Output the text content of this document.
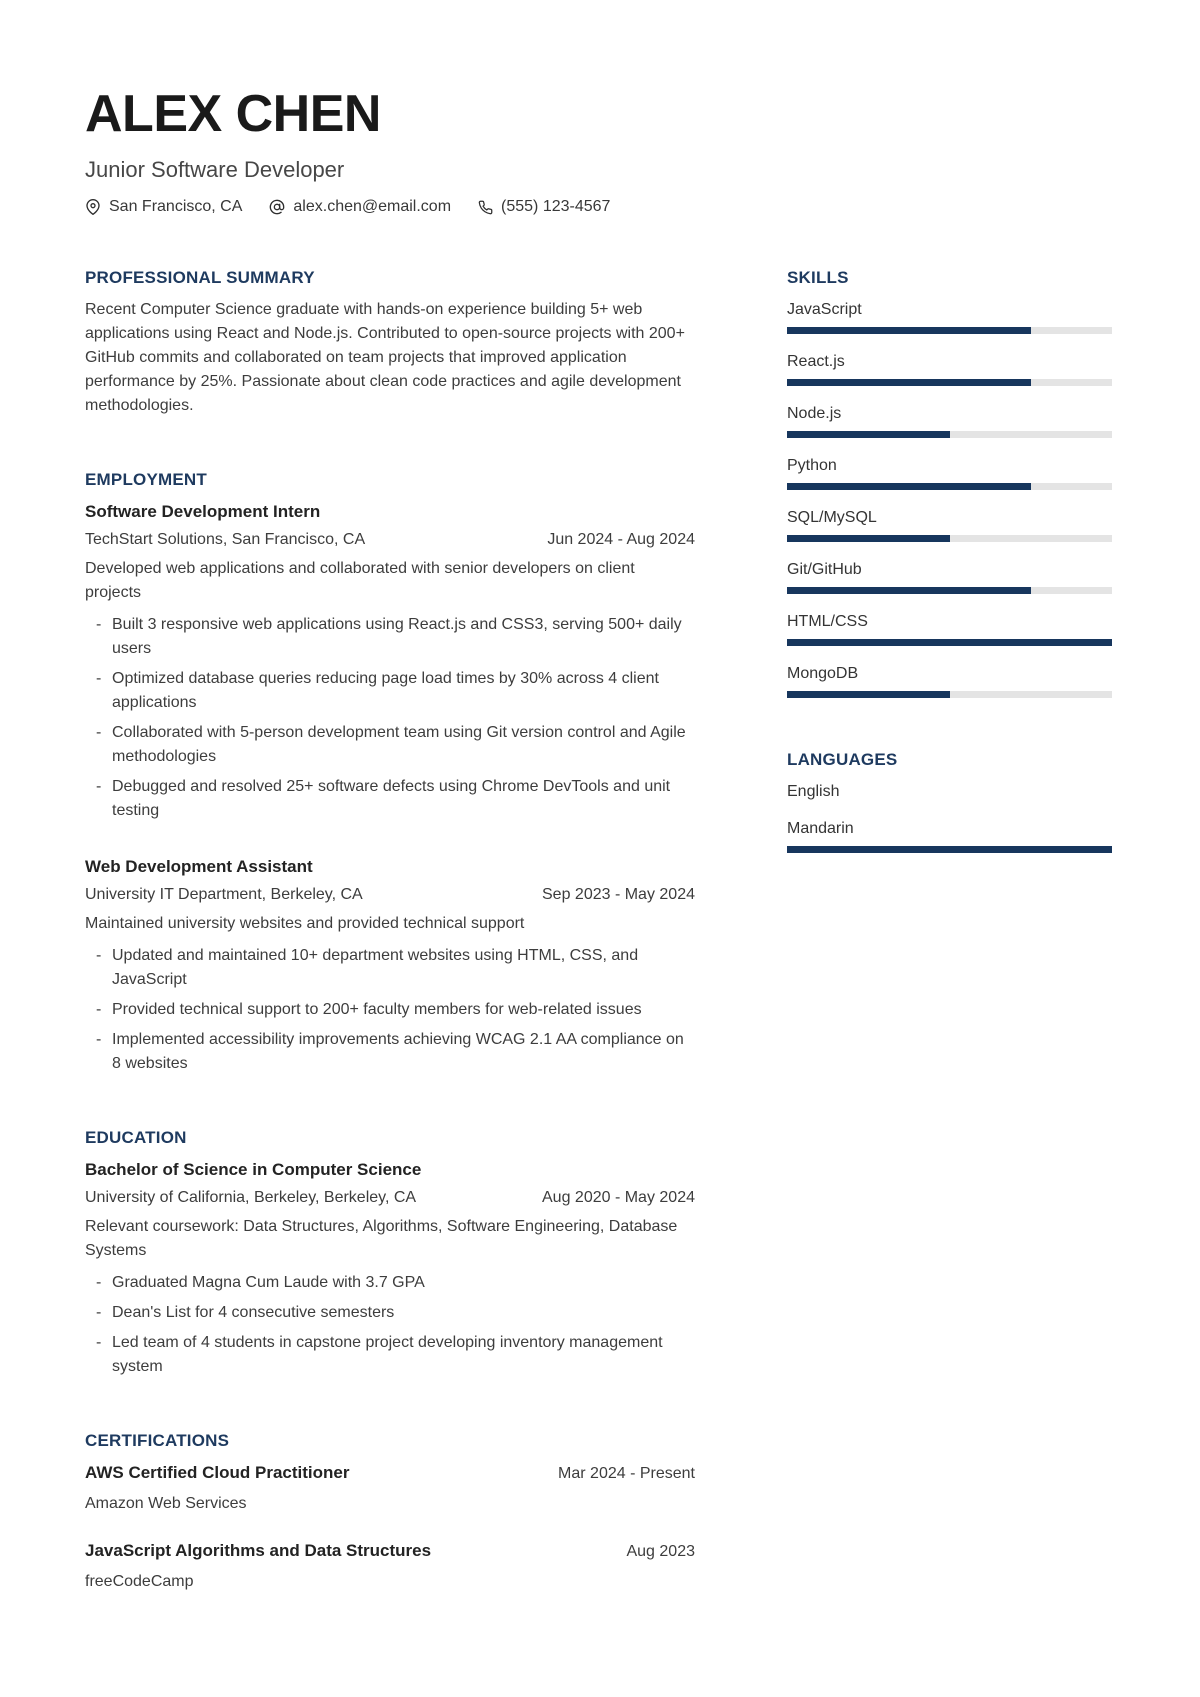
ALEX CHEN
Junior Software Developer
San Francisco, CA	alex.chen@email.com	(555) 123-4567
PROFESSIONAL SUMMARY

Recent Computer Science graduate with hands-on experience building 5+ web applications using React and Node.js. Contributed to open-source projects with 200+ GitHub commits and collaborated on team projects that improved application performance by 25%. Passionate about clean code practices and agile development methodologies.

EMPLOYMENT
Software Development Intern
TechStart Solutions, San Francisco, CA	Jun 2024 - Aug 2024
Developed web applications and collaborated with senior developers on client projects
- Built 3 responsive web applications using React.js and CSS3, serving 500+ daily users
- Optimized database queries reducing page load times by 30% across 4 client applications
- Collaborated with 5-person development team using Git version control and Agile methodologies
- Debugged and resolved 25+ software defects using Chrome DevTools and unit testing
Web Development Assistant
University IT Department, Berkeley, CA	Sep 2023 - May 2024
Maintained university websites and provided technical support
- Updated and maintained 10+ department websites using HTML, CSS, and JavaScript
- Provided technical support to 200+ faculty members for web-related issues
- Implemented accessibility improvements achieving WCAG 2.1 AA compliance on 8 websites
EDUCATION
Bachelor of Science in Computer Science
University of California, Berkeley, Berkeley, CA	Aug 2020 - May 2024
Relevant coursework: Data Structures, Algorithms, Software Engineering, Database Systems
- Graduated Magna Cum Laude with 3.7 GPA
- Dean's List for 4 consecutive semesters
- Led team of 4 students in capstone project developing inventory management system
CERTIFICATIONS
AWS Certified Cloud Practitioner	Mar 2024 - Present
Amazon Web Services
JavaScript Algorithms and Data Structures	Aug 2023
freeCodeCamp
SKILLS
JavaScript
React.js
Node.js
Python
SQL/MySQL
Git/GitHub
HTML/CSS
MongoDB
LANGUAGES
English
Mandarin
